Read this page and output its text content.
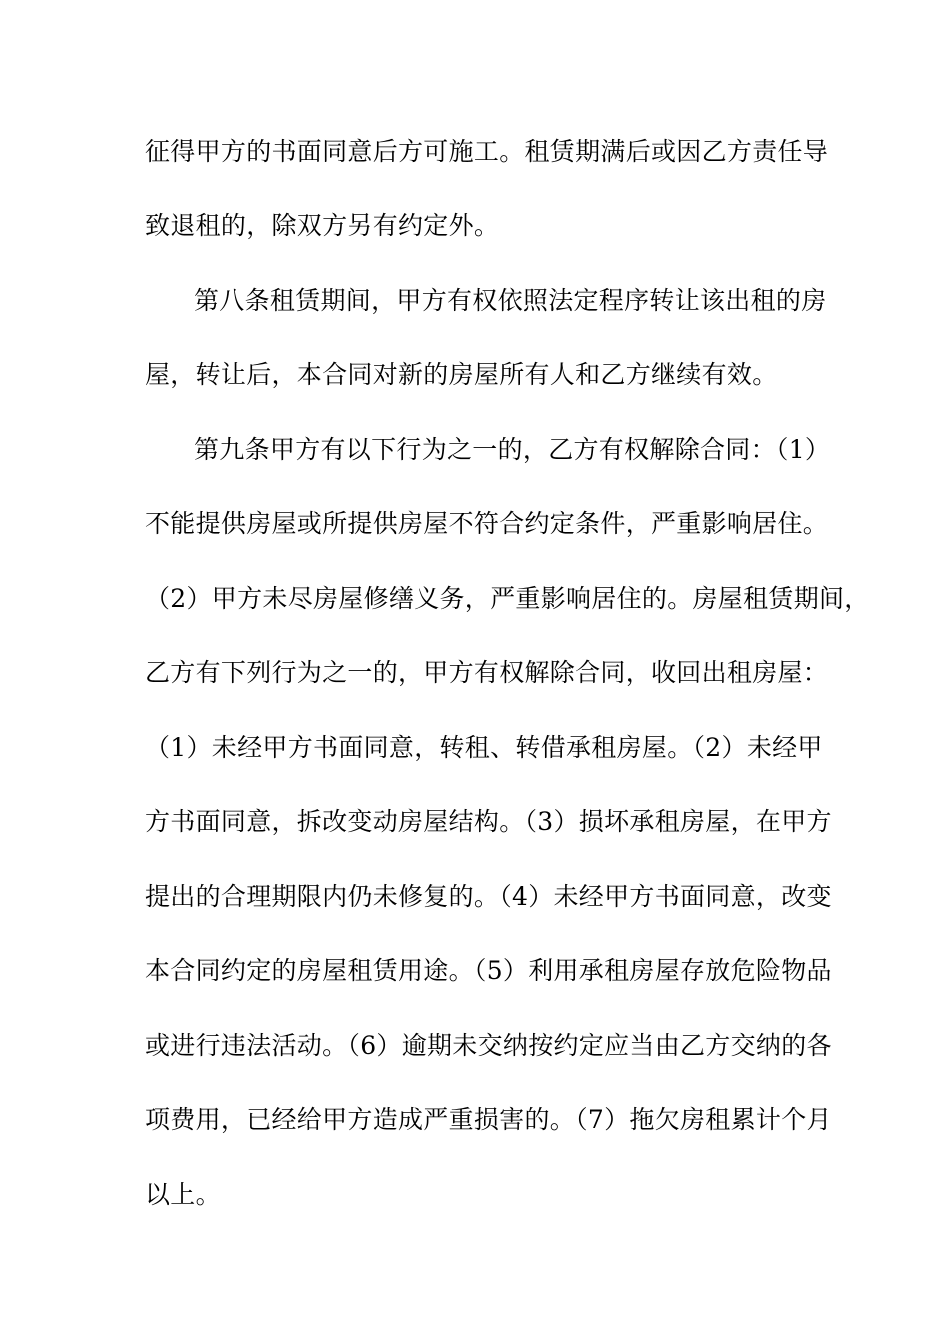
征得甲方的书面同意后方可施工。租赁期满后或因乙方责任导
致退租的，除双方另有约定外。
第八条租赁期间，甲方有权依照法定程序转让该出租的房
屋，转让后，本合同对新的房屋所有人和乙方继续有效。
第九条甲方有以下行为之一的，乙方有权解除合同：（1）
不能提供房屋或所提供房屋不符合约定条件，严重影响居住。
（2）甲方未尽房屋修缮义务，严重影响居住的。房屋租赁期间，
乙方有下列行为之一的，甲方有权解除合同，收回出租房屋：
（1）未经甲方书面同意，转租、转借承租房屋。（2）未经甲
方书面同意，拆改变动房屋结构。（3）损坏承租房屋，在甲方
提出的合理期限内仍未修复的。（4）未经甲方书面同意，改变
本合同约定的房屋租赁用途。（5）利用承租房屋存放危险物品
或进行违法活动。（6）逾期未交纳按约定应当由乙方交纳的各
项费用，已经给甲方造成严重损害的。（7）拖欠房租累计个月
以上。
